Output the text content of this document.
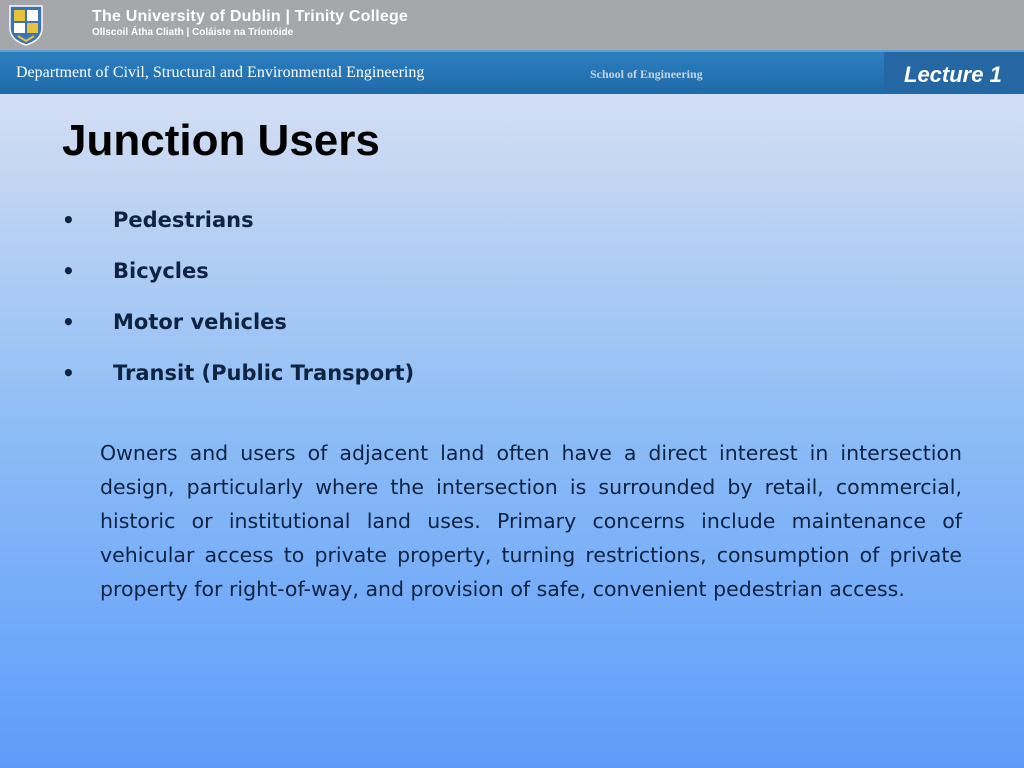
The University of Dublin | Trinity College
Ollscoil Átha Cliath | Coláiste na Tríonóide
Department of Civil, Structural and Environmental Engineering	School of Engineering	Lecture 1
Junction Users
• Pedestrians
• Bicycles
• Motor vehicles
• Transit (Public Transport)

Owners and users of adjacent land often have a direct interest in intersection design, particularly where the intersection is surrounded by retail, commercial, historic or institutional land uses. Primary concerns include maintenance of vehicular access to private property, turning restrictions, consumption of private property for right-of-way, and provision of safe, convenient pedestrian access.
